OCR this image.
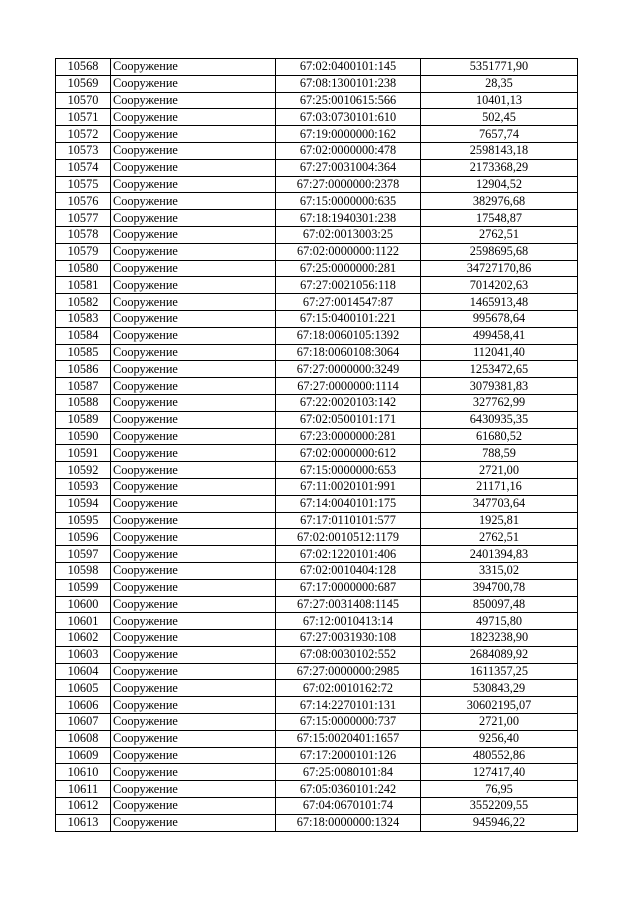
10568	Сооружение	67:02:0400101:145	5351771,90
10569	Сооружение	67:08:1300101:238	28,35
10570	Сооружение	67:25:0010615:566	10401,13
10571	Сооружение	67:03:0730101:610	502,45
10572	Сооружение	67:19:0000000:162	7657,74
10573	Сооружение	67:02:0000000:478	2598143,18
10574	Сооружение	67:27:0031004:364	2173368,29
10575	Сооружение	67:27:0000000:2378	12904,52
10576	Сооружение	67:15:0000000:635	382976,68
10577	Сооружение	67:18:1940301:238	17548,87
10578	Сооружение	67:02:0013003:25	2762,51
10579	Сооружение	67:02:0000000:1122	2598695,68
10580	Сооружение	67:25:0000000:281	34727170,86
10581	Сооружение	67:27:0021056:118	7014202,63
10582	Сооружение	67:27:0014547:87	1465913,48
10583	Сооружение	67:15:0400101:221	995678,64
10584	Сооружение	67:18:0060105:1392	499458,41
10585	Сооружение	67:18:0060108:3064	112041,40
10586	Сооружение	67:27:0000000:3249	1253472,65
10587	Сооружение	67:27:0000000:1114	3079381,83
10588	Сооружение	67:22:0020103:142	327762,99
10589	Сооружение	67:02:0500101:171	6430935,35
10590	Сооружение	67:23:0000000:281	61680,52
10591	Сооружение	67:02:0000000:612	788,59
10592	Сооружение	67:15:0000000:653	2721,00
10593	Сооружение	67:11:0020101:991	21171,16
10594	Сооружение	67:14:0040101:175	347703,64
10595	Сооружение	67:17:0110101:577	1925,81
10596	Сооружение	67:02:0010512:1179	2762,51
10597	Сооружение	67:02:1220101:406	2401394,83
10598	Сооружение	67:02:0010404:128	3315,02
10599	Сооружение	67:17:0000000:687	394700,78
10600	Сооружение	67:27:0031408:1145	850097,48
10601	Сооружение	67:12:0010413:14	49715,80
10602	Сооружение	67:27:0031930:108	1823238,90
10603	Сооружение	67:08:0030102:552	2684089,92
10604	Сооружение	67:27:0000000:2985	1611357,25
10605	Сооружение	67:02:0010162:72	530843,29
10606	Сооружение	67:14:2270101:131	30602195,07
10607	Сооружение	67:15:0000000:737	2721,00
10608	Сооружение	67:15:0020401:1657	9256,40
10609	Сооружение	67:17:2000101:126	480552,86
10610	Сооружение	67:25:0080101:84	127417,40
10611	Сооружение	67:05:0360101:242	76,95
10612	Сооружение	67:04:0670101:74	3552209,55
10613	Сооружение	67:18:0000000:1324	945946,22
